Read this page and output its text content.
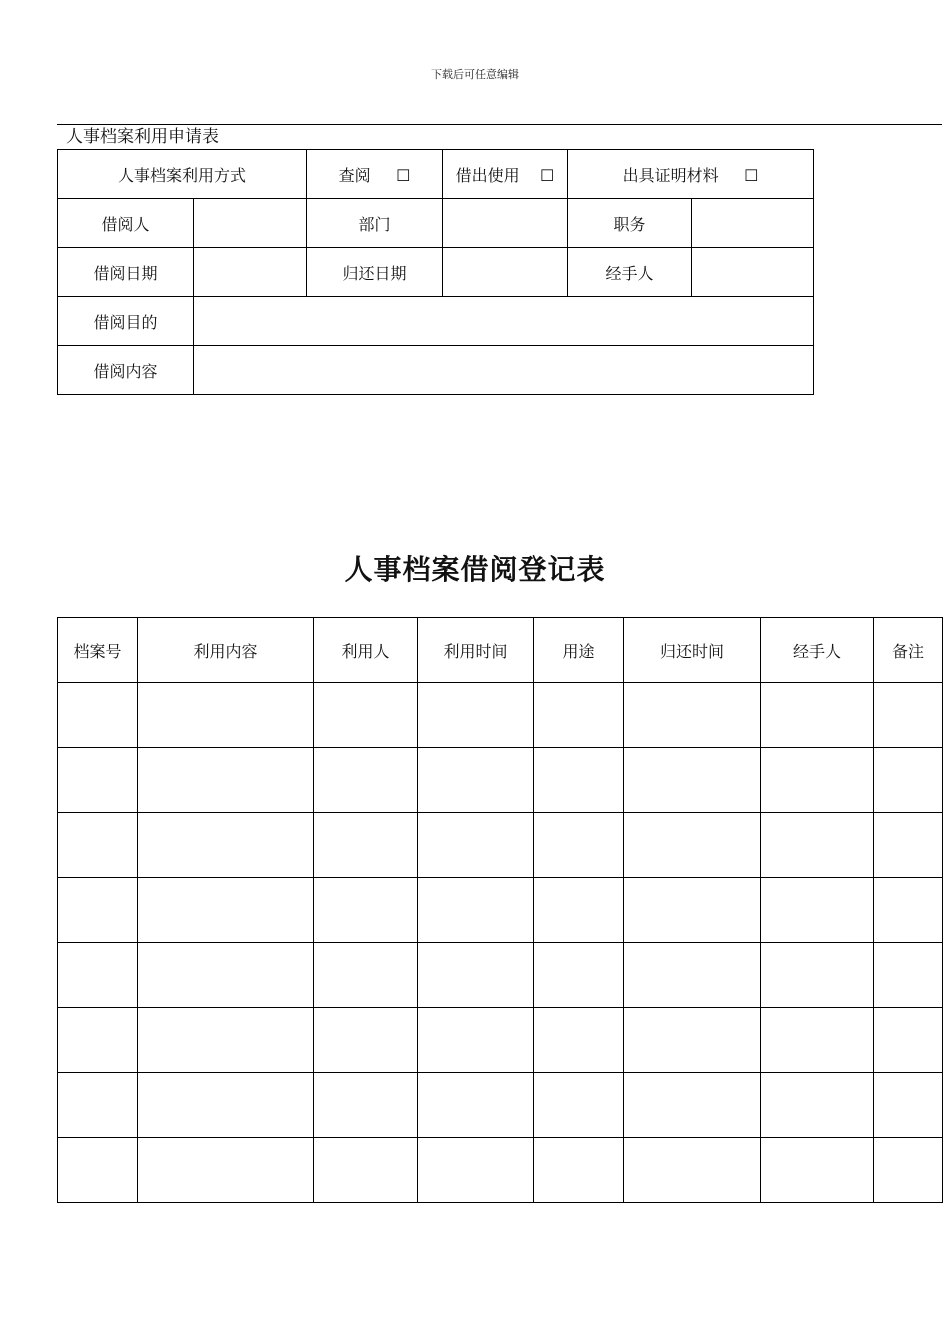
下载后可任意编辑
人事档案利用申请表
人事档案利用方式		查阅 ☐	借出使用 ☐	出具证明材料 ☐	
借阅人		部门		职务	
借阅日期		归还日期		经手人	
借阅目的					
借阅内容					
人事档案借阅登记表
档案号	利用内容	利用人	利用时间	用途	归还时间	经手人	备注
